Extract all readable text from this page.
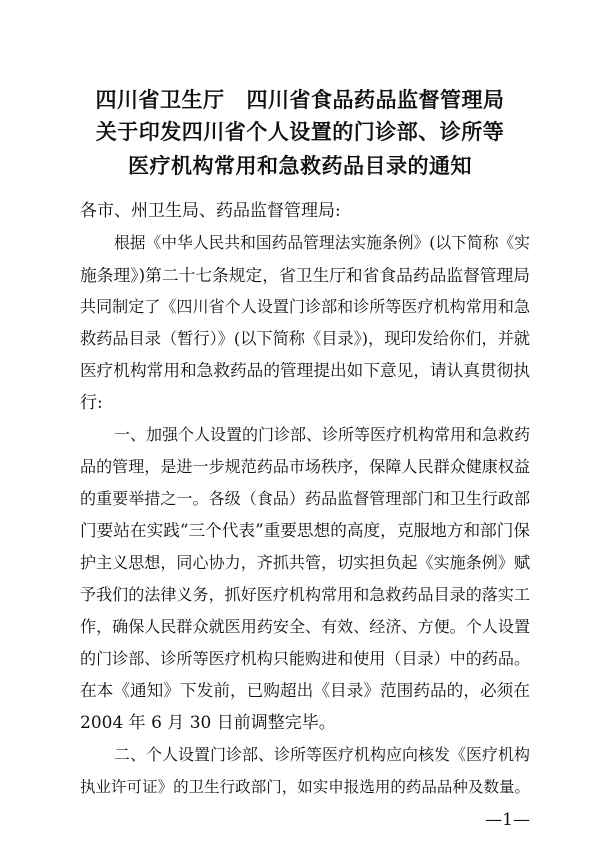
四川省卫生厅 四川省食品药品监督管理局
关于印发四川省个人设置的门诊部、诊所等
医疗机构常用和急救药品目录的通知
各市、州卫生局、药品监督管理局:
根据《中华人民共和国药品管理法实施条例》(以下简称《实
施条理》)第二十七条规定，省卫生厅和省食品药品监督管理局
共同制定了《四川省个人设置门诊部和诊所等医疗机构常用和急
救药品目录（暂行）》(以下简称《目录》)，现印发给你们，并就
医疗机构常用和急救药品的管理提出如下意见，请认真贯彻执
行:
一、加强个人设置的门诊部、诊所等医疗机构常用和急救药
品的管理，是进一步规范药品市场秩序，保障人民群众健康权益
的重要举措之一。各级（食品）药品监督管理部门和卫生行政部
门要站在实践“三个代表”重要思想的高度，克服地方和部门保
护主义思想，同心协力，齐抓共管，切实担负起《实施条例》赋
予我们的法律义务，抓好医疗机构常用和急救药品目录的落实工
作，确保人民群众就医用药安全、有效、经济、方便。个人设置
的门诊部、诊所等医疗机构只能购进和使用（目录）中的药品。
在本《通知》下发前，已购超出《目录》范围药品的，必须在
2004 年 6 月 30 日前调整完毕。
二、个人设置门诊部、诊所等医疗机构应向核发《医疗机构
执业许可证》的卫生行政部门，如实申报选用的药品品种及数量。
—1—
